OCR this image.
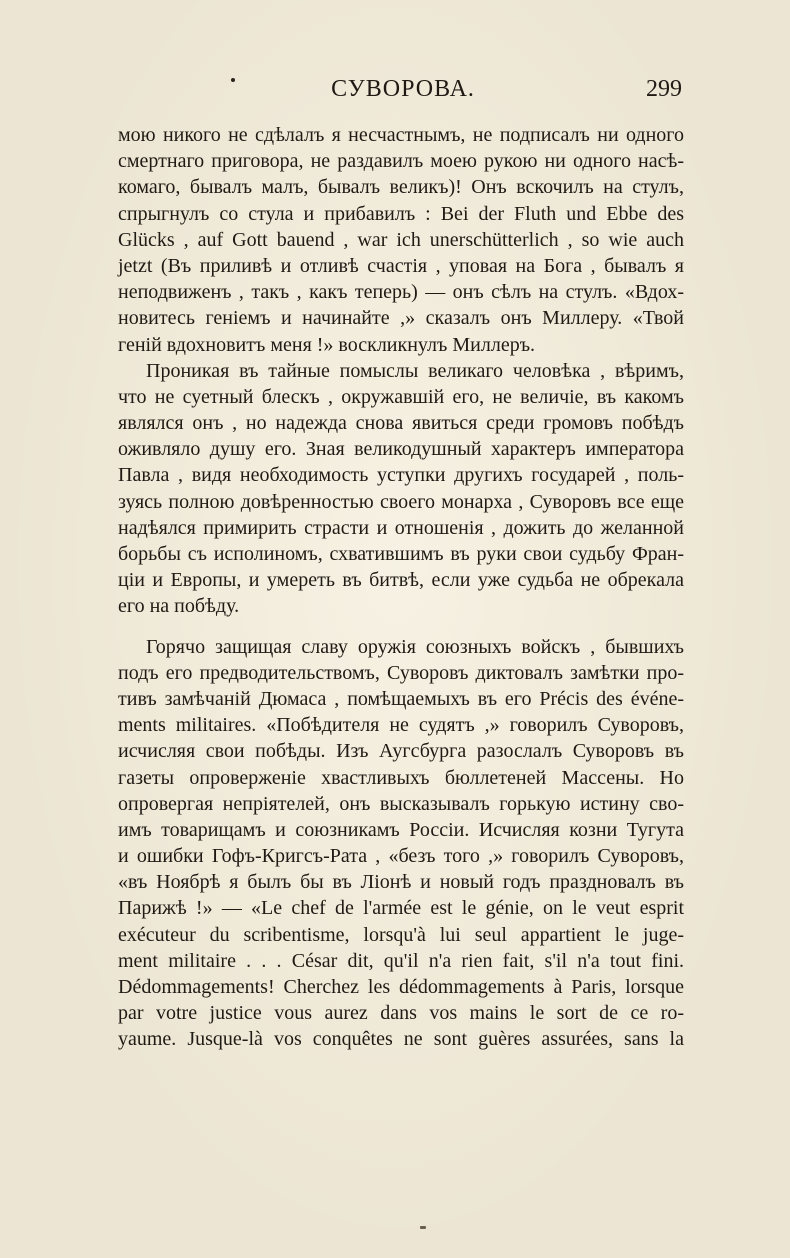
СУВОРОВА.	299
мою никого не сдѣлалъ я несчастнымъ, не подписалъ ни одного
смертнаго приговора, не раздавилъ моею рукою ни одного насѣ-
комаго, бывалъ малъ, бывалъ великъ)! Онъ вскочилъ на стулъ,
спрыгнулъ со стула и прибавилъ : Bei der Fluth und Ebbe des
Glücks , auf Gott bauend , war ich unerschütterlich , so wie auch
jetzt (Въ приливѣ и отливѣ счастія , уповая на Бога , бывалъ я
неподвиженъ , такъ , какъ теперь) — онъ сѣлъ на стулъ. «Вдох-
новитесь геніемъ и начинайте ,» сказалъ онъ Миллеру. «Твой
геній вдохновитъ меня !» воскликнулъ Миллеръ.
Проникая въ тайные помыслы великаго человѣка , вѣримъ,
что не суетный блескъ , окружавшій его, не величіе, въ какомъ
являлся онъ , но надежда снова явиться среди громовъ побѣдъ
оживляло душу его. Зная великодушный характеръ императора
Павла , видя необходимость уступки другихъ государей , поль-
зуясь полною довѣренностью своего монарха , Суворовъ все еще
надѣялся примирить страсти и отношенія , дожить до желанной
борьбы съ исполиномъ, схватившимъ въ руки свои судьбу Фран-
ціи и Европы, и умереть въ битвѣ, если уже судьба не обрекала
его на побѣду.
Горячо защищая славу оружія союзныхъ войскъ , бывшихъ
подъ его предводительствомъ, Суворовъ диктовалъ замѣтки про-
тивъ замѣчаній Дюмаса , помѣщаемыхъ въ его Précis des événe-
ments militaires. «Побѣдителя не судятъ ,» говорилъ Суворовъ,
исчисляя свои побѣды. Изъ Аугсбурга разослалъ Суворовъ въ
газеты опроверженіе хвастливыхъ бюллетеней Массены. Но
опровергая непріятелей, онъ высказывалъ горькую истину сво-
имъ товарищамъ и союзникамъ Россіи. Исчисляя козни Тугута
и ошибки Гофъ-Кригсъ-Рата , «безъ того ,» говорилъ Суворовъ,
«въ Ноябрѣ я былъ бы въ Ліонѣ и новый годъ праздновалъ въ
Парижѣ !» — «Le chef de l'armée est le génie, on le veut esprit
exécuteur du scribentisme, lorsqu'à lui seul appartient le juge-
ment militaire . . . César dit, qu'il n'a rien fait, s'il n'a tout fini.
Dédommagements! Cherchez les dédommagements à Paris, lorsque
par votre justice vous aurez dans vos mains le sort de ce ro-
yaume. Jusque-là vos conquêtes ne sont guères assurées, sans la
